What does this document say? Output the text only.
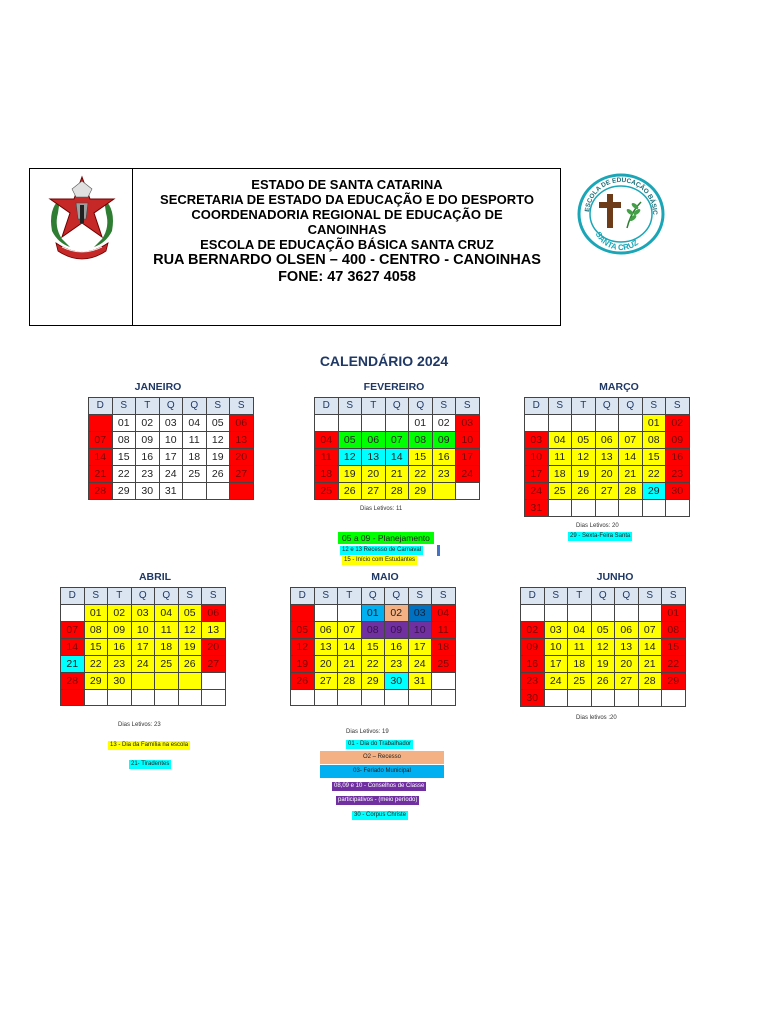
ESTADO DE SANTA CATARINA
SECRETARIA DE ESTADO DA EDUCAÇÃO E DO DESPORTO
COORDENADORIA REGIONAL DE EDUCAÇÃO DE
CANOINHAS
ESCOLA DE EDUCAÇÃO BÁSICA SANTA CRUZ
RUA BERNARDO OLSEN – 400 - CENTRO - CANOINHAS
FONE: 47 3627 4058
ESCOLA DE EDUCAÇÃO BÁSIC
SANTA CRUZ
CALENDÁRIO 2024
JANEIRO	FEVEREIRO	MARÇO
ABRIL	MAIO	JUNHO
D	S	T	Q	Q	S	S
	01	02	03	04	05	06
07	08	09	10	11	12	13
14	15	16	17	18	19	20
21	22	23	24	25	26	27
28	29	30	31			
D	S	T	Q	Q	S	S
				01	02	03
04	05	06	07	08	09	10
11	12	13	14	15	16	17
18	19	20	21	22	23	24
25	26	27	28	29		
D	S	T	Q	Q	S	S
					01	02
03	04	05	06	07	08	09
10	11	12	13	14	15	16
17	18	19	20	21	22	23
24	25	26	27	28	29	30
31						
D	S	T	Q	Q	S	S
	01	02	03	04	05	06
07	08	09	10	11	12	13
14	15	16	17	18	19	20
21	22	23	24	25	26	27
28	29	30				

D	S	T	Q	Q	S	S
			01	02	03	04
05	06	07	08	09	10	11
12	13	14	15	16	17	18
19	20	21	22	23	24	25
26	27	28	29	30	31	

D	S	T	Q	Q	S	S
						01
02	03	04	05	06	07	08
09	10	11	12	13	14	15
16	17	18	19	20	21	22
23	24	25	26	27	28	29
30						
Dias Letivos: 11
Dias Letivos: 20
Dias Letivos: 23
Dias Letivos: 19
Dias letivos :20
05 a 09 - Planejamento
12 e 13 Recesso de Carnaval
15 - Início com Estudantes
29 - Sexta-Feira Santa
13 - Dia da Família na escola
21- Tiradentes
01 - Dia do Trabalhador
O2 – Recesso
03- Feriado Municipal
08,09 e 10 - Conselhos de Classe
participativos - (meio período)
30 - Corpus Christe
